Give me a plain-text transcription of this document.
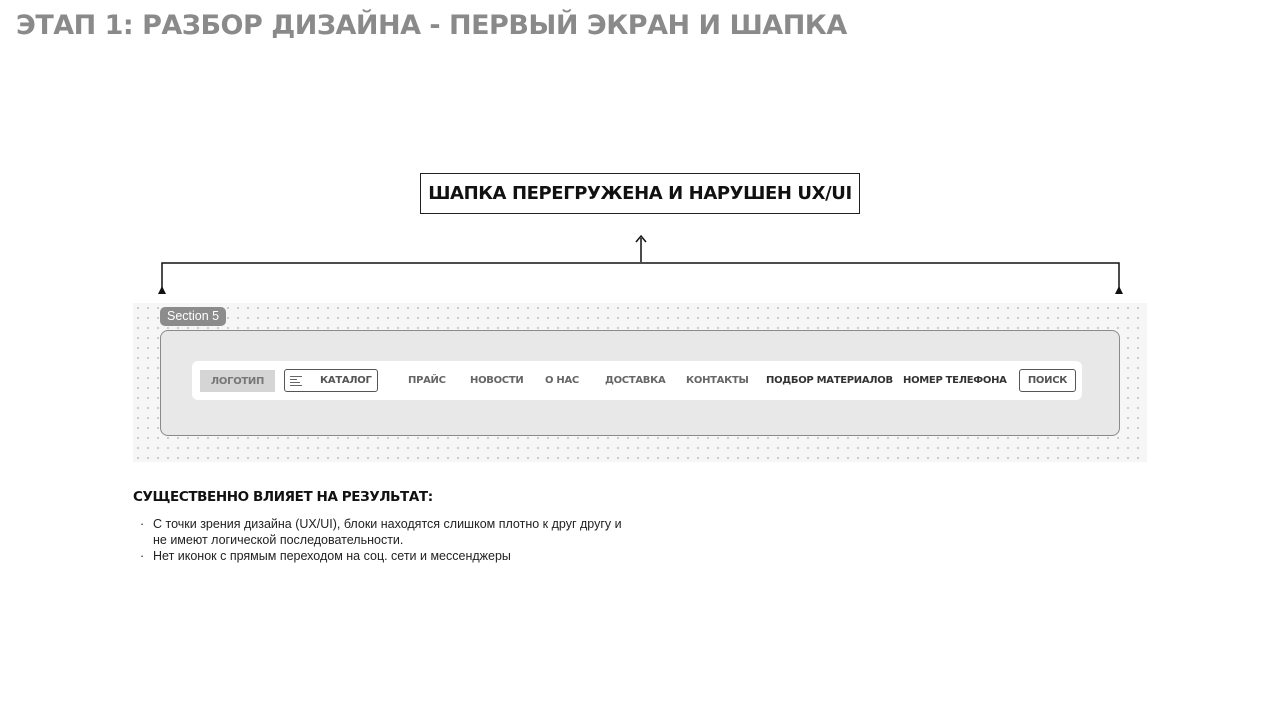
ЭТАП 1: РАЗБОР ДИЗАЙНА - ПЕРВЫЙ ЭКРАН И ШАПКА
ШАПКА ПЕРЕГРУЖЕНА И НАРУШЕН UX/UI
Section 5
ЛОГОТИП	КАТАЛОГ	ПРАЙС НОВОСТИ О НАС	ДОСТАВКА КОНТАКТЫ ПОДБОР МАТЕРИАЛОВ НОМЕР ТЕЛЕФОНА	ПОИСК
СУЩЕСТВЕННО ВЛИЯЕТ НА РЕЗУЛЬТАТ:
· С точки зрения дизайна (UX/UI), блоки находятся слишком плотно к друг другу и не имеют логической последовательности.
· Нет иконок с прямым переходом на соц. сети и мессенджеры
